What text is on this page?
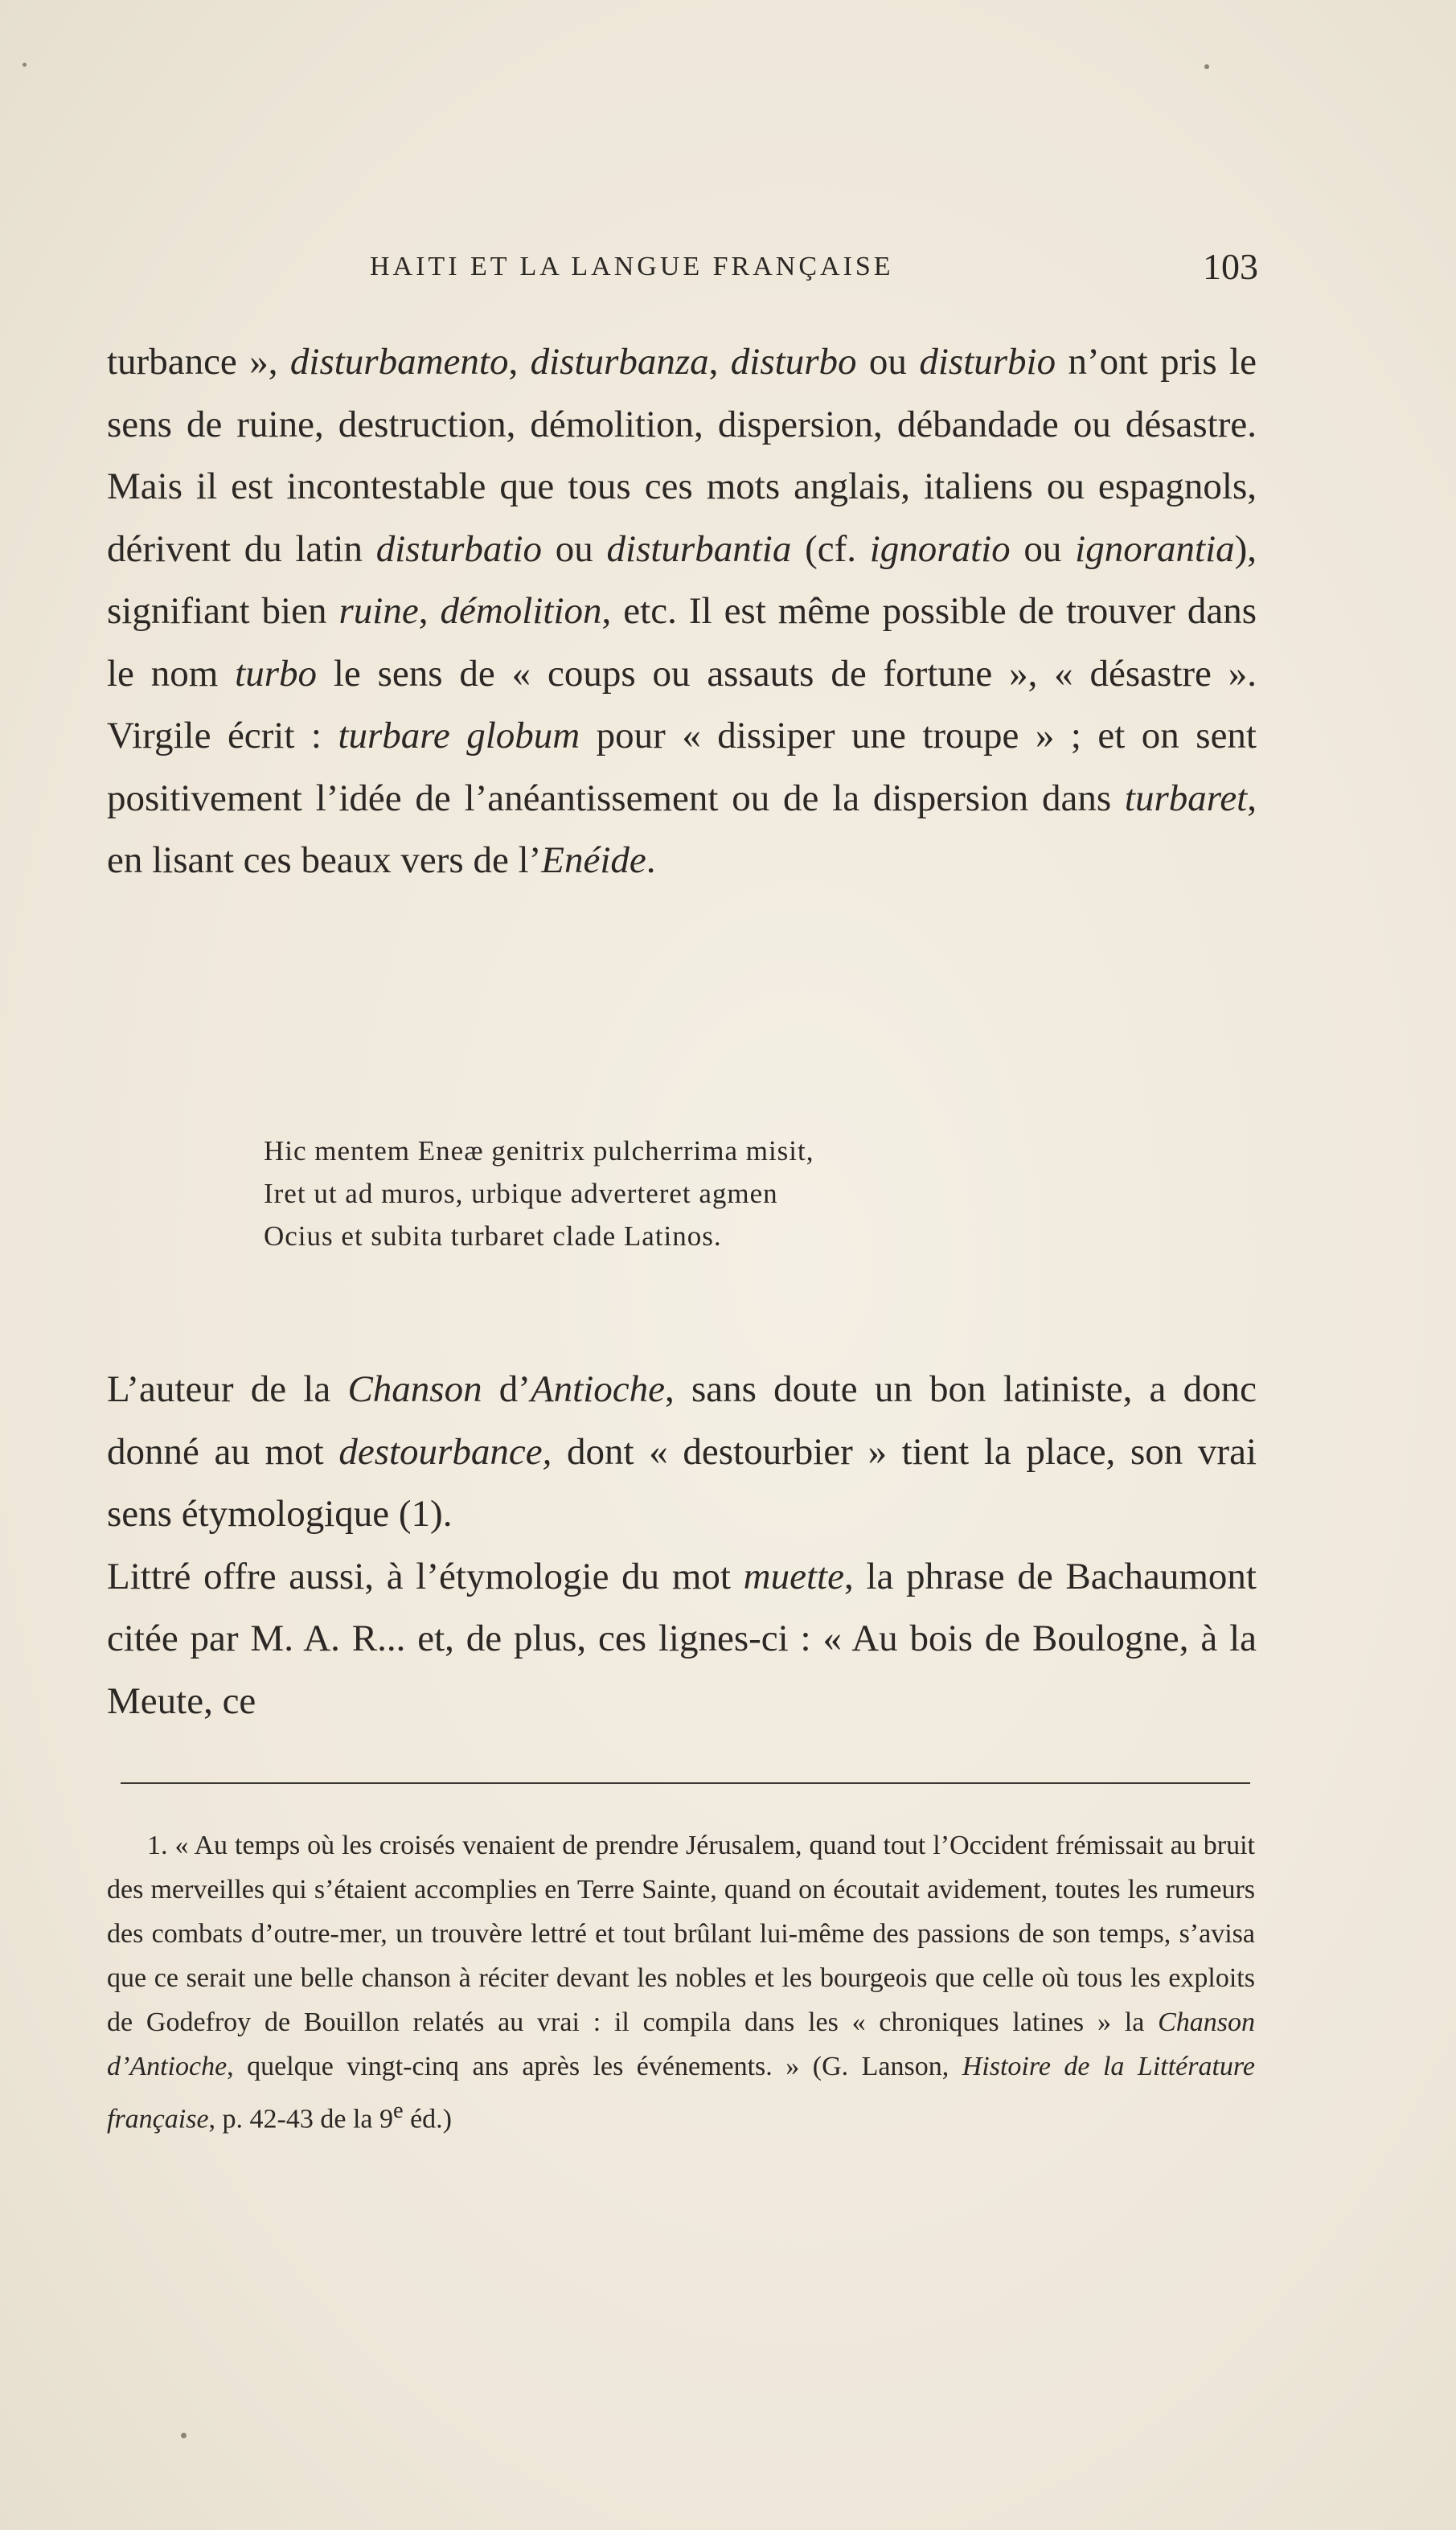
HAITI ET LA LANGUE FRANÇAISE	103

turbance », disturbamento, disturbanza, disturbo ou disturbio n’ont pris le sens de ruine, destruction, démolition, dispersion, débandade ou désastre. Mais il est incontestable que tous ces mots anglais, italiens ou espagnols, dérivent du latin disturbatio ou disturbantia (cf. ignoratio ou ignorantia), signifiant bien ruine, démolition, etc. Il est même possible de trouver dans le nom turbo le sens de « coups ou assauts de fortune », « désastre ». Virgile écrit : turbare globum pour « dissiper une troupe » ; et on sent positivement l’idée de l’anéantissement ou de la dispersion dans turbaret, en lisant ces beaux vers de l’Enéide.

Hic mentem Eneæ genitrix pulcherrima misit,
Iret ut ad muros, urbique adverteret agmen
Ocius et subita turbaret clade Latinos.

L’auteur de la Chanson d’Antioche, sans doute un bon latiniste, a donc donné au mot destourbance, dont « destourbier » tient la place, son vrai sens étymologique (1).

Littré offre aussi, à l’étymologie du mot muette, la phrase de Bachaumont citée par M. A. R... et, de plus, ces lignes-ci : « Au bois de Boulogne, à la Meute, ce

1. « Au temps où les croisés venaient de prendre Jérusalem, quand tout l’Occident frémissait au bruit des merveilles qui s’étaient accomplies en Terre Sainte, quand on écoutait avidement, toutes les rumeurs des combats d’outre-mer, un trouvère lettré et tout brûlant lui-même des passions de son temps, s’avisa que ce serait une belle chanson à réciter devant les nobles et les bourgeois que celle où tous les exploits de Godefroy de Bouillon relatés au vrai : il compila dans les « chroniques latines » la Chanson d’Antioche, quelque vingt-cinq ans après les événements. » (G. Lanson, Histoire de la Littérature française, p. 42-43 de la 9e éd.)
